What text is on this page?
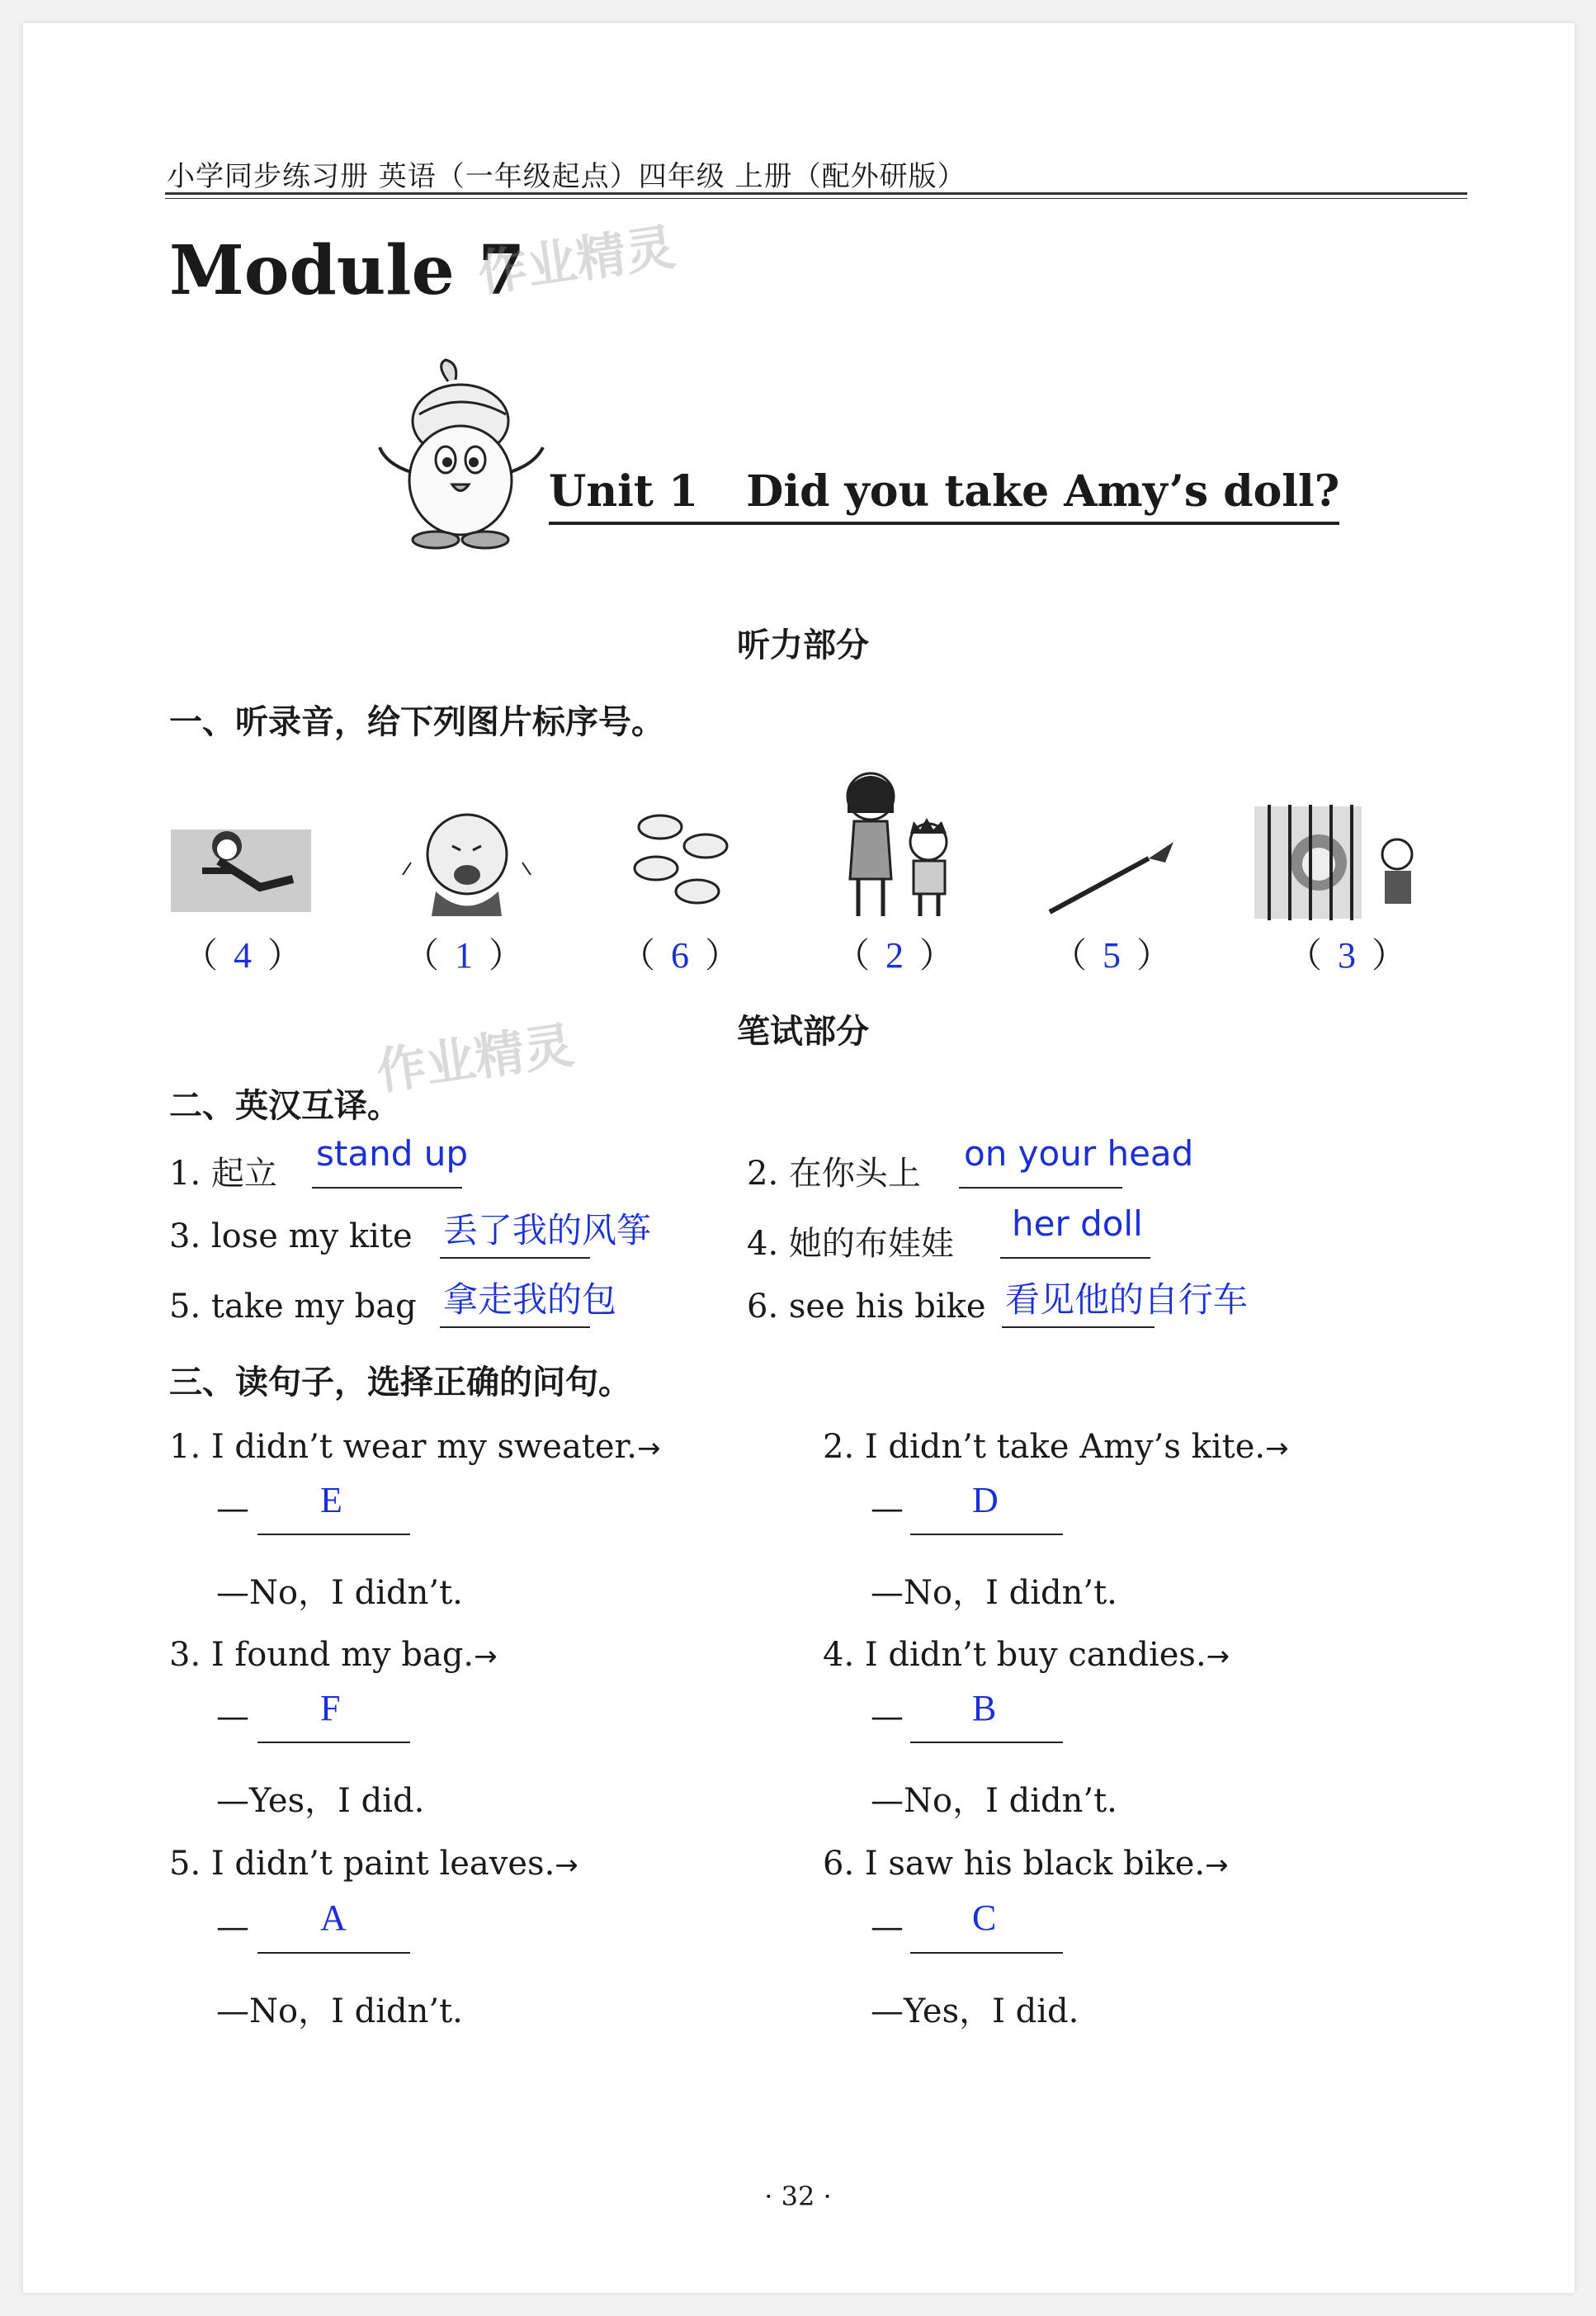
小学同步练习册 英语（一年级起点）四年级 上册（配外研版）
Module 7
作业精灵
Unit 1 Did you take Amy’s doll?
听力部分
一、听录音，给下列图片标序号。
（ 4 ）	（ 1 ）	（ 6 ）	（ 2 ）	（ 5 ）	（ 3 ）
笔试部分
作业精灵
二、英汉互译。
1. 起立 stand up	2. 在你头上 on your head
3. lose my kite 丢了我的风筝	4. 她的布娃娃 her doll
5. take my bag 拿走我的包	6. see his bike 看见他的自行车
三、读句子，选择正确的问句。
1. I didn’t wear my sweater.→
— E
—No，I didn’t.
2. I didn’t take Amy’s kite.→
— D
—No，I didn’t.
3. I found my bag.→
— F
—Yes，I did.
4. I didn’t buy candies.→
— B
—No，I didn’t.
5. I didn’t paint leaves.→
— A
—No，I didn’t.
6. I saw his black bike.→
— C
—Yes，I did.
· 32 ·
